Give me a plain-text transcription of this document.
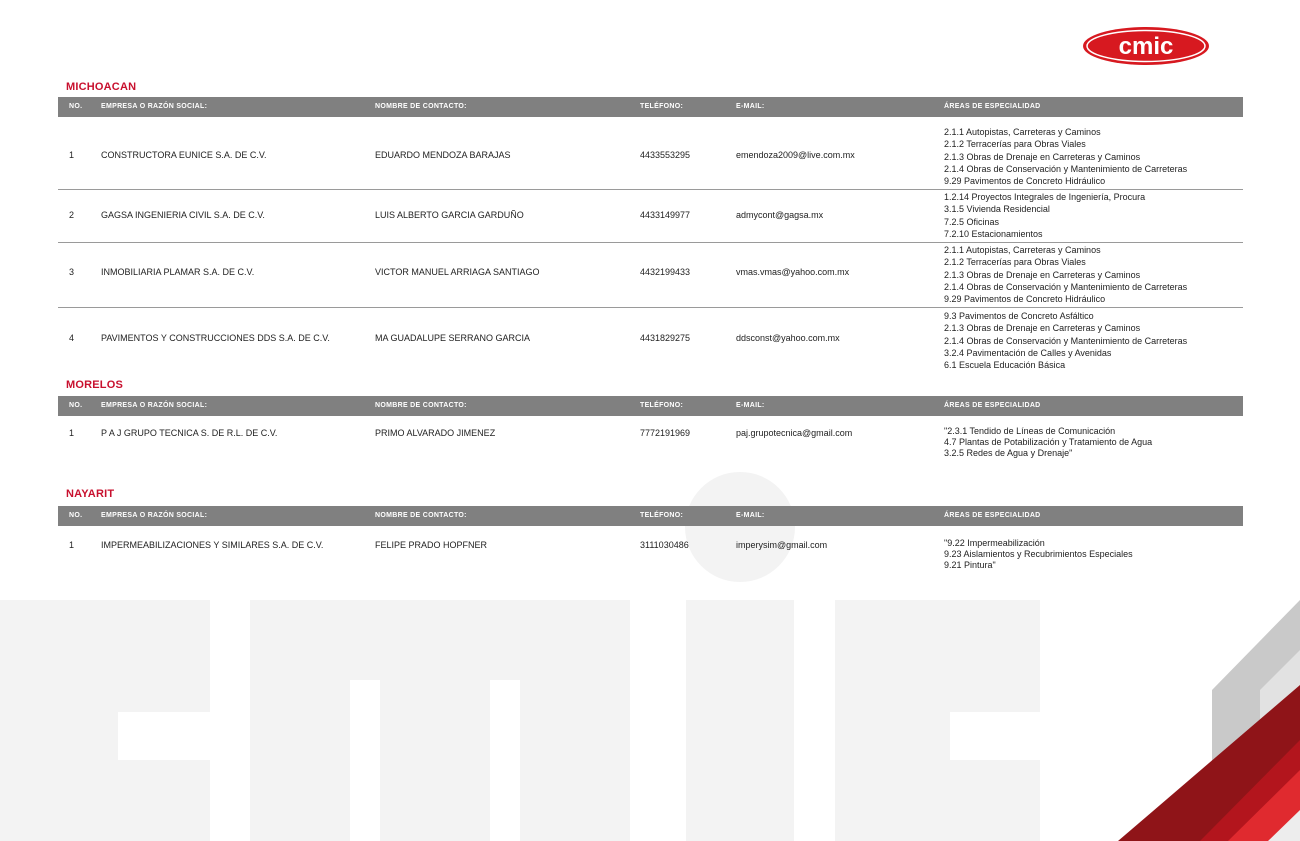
cmic
MICHOACAN
NO.	EMPRESA O RAZÓN SOCIAL:	NOMBRE DE CONTACTO:	TELÉFONO:	E-MAIL:	ÁREAS DE ESPECIALIDAD
1	CONSTRUCTORA EUNICE S.A. DE C.V.	EDUARDO MENDOZA BARAJAS	4433553295	emendoza2009@live.com.mx
2.1.1 Autopistas, Carreteras y Caminos
2.1.2 Terracerías para Obras Viales
2.1.3 Obras de Drenaje en Carreteras y Caminos
2.1.4 Obras de Conservación y Mantenimiento de Carreteras
9.29 Pavimentos de Concreto Hidráulico
2	GAGSA INGENIERIA CIVIL S.A. DE C.V.	LUIS ALBERTO GARCIA GARDUÑO	4433149977	admycont@gagsa.mx
1.2.14 Proyectos Integrales de Ingeniería, Procura
3.1.5 Vivienda Residencial
7.2.5 Oficinas
7.2.10 Estacionamientos
3	INMOBILIARIA PLAMAR S.A. DE C.V.	VICTOR MANUEL ARRIAGA SANTIAGO	4432199433	vmas.vmas@yahoo.com.mx
2.1.1 Autopistas, Carreteras y Caminos
2.1.2 Terracerías para Obras Viales
2.1.3 Obras de Drenaje en Carreteras y Caminos
2.1.4 Obras de Conservación y Mantenimiento de Carreteras
9.29 Pavimentos de Concreto Hidráulico
4	PAVIMENTOS Y CONSTRUCCIONES DDS S.A. DE C.V.	MA GUADALUPE SERRANO GARCIA	4431829275	ddsconst@yahoo.com.mx
9.3 Pavimentos de Concreto Asfáltico
2.1.3 Obras de Drenaje en Carreteras y Caminos
2.1.4 Obras de Conservación y Mantenimiento de Carreteras
3.2.4 Pavimentación de Calles y Avenidas
6.1 Escuela Educación Básica
MORELOS
NO.	EMPRESA O RAZÓN SOCIAL:	NOMBRE DE CONTACTO:	TELÉFONO:	E-MAIL:	ÁREAS DE ESPECIALIDAD
1	P A J GRUPO TECNICA S. DE R.L. DE C.V.	PRIMO ALVARADO JIMENEZ	7772191969	paj.grupotecnica@gmail.com	"2.3.1 Tendido de Líneas de Comunicación
4.7 Plantas de Potabilización y Tratamiento de Agua
3.2.5 Redes de Agua y Drenaje"
NAYARIT
NO.	EMPRESA O RAZÓN SOCIAL:	NOMBRE DE CONTACTO:	TELÉFONO:	E-MAIL:	ÁREAS DE ESPECIALIDAD
1	IMPERMEABILIZACIONES Y SIMILARES S.A. DE C.V.	FELIPE PRADO HOPFNER	3111030486	imperysim@gmail.com	"9.22 Impermeabilización
9.23 Aislamientos y Recubrimientos Especiales
9.21 Pintura"
